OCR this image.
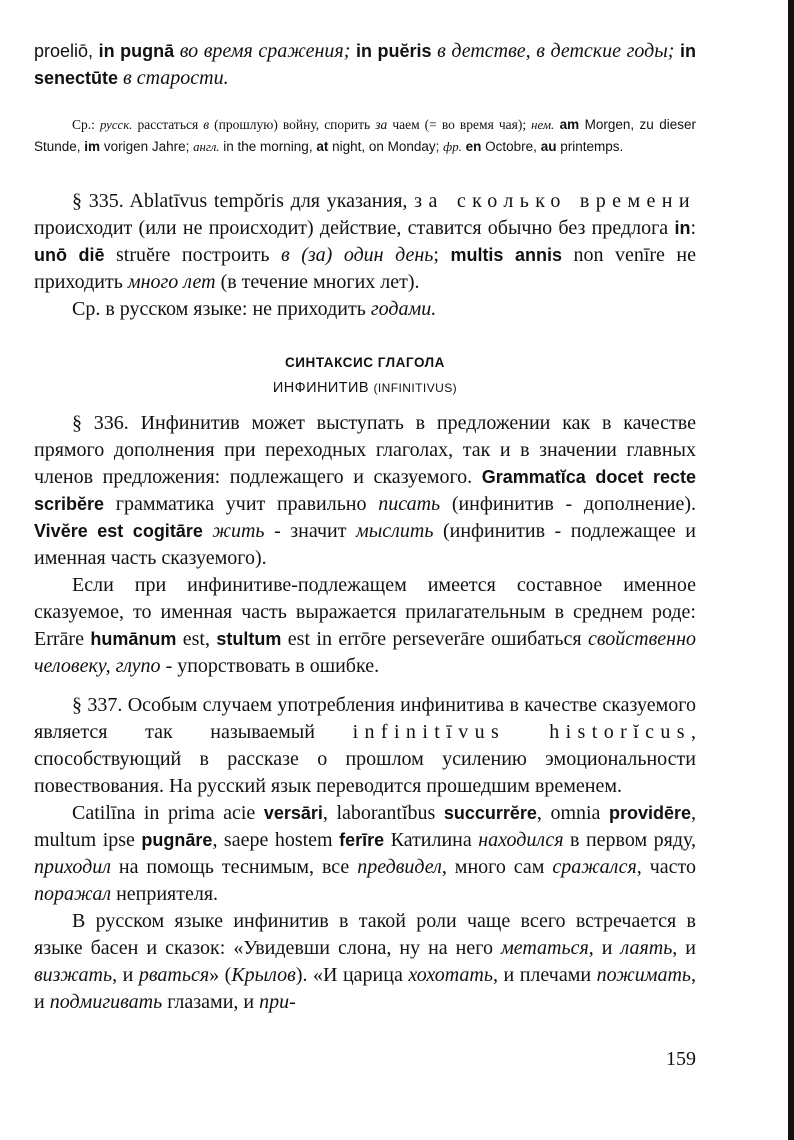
proeliō, in pugnā во время сражения; in puĕris в детстве, в детские годы; in senectūte в старости.

Ср.: русск. расстаться в (прошлую) войну, спорить за чаем (= во время чая); нем. am Morgen, zu dieser Stunde, im vorigen Jahre; англ. in the morning, at night, on Monday; фр. en Octobre, au printemps.

§ 335. Ablatīvus tempŏris для указания, за сколько времени происходит (или не происходит) действие, ставится обычно без предлога in: unō diē struĕre построить в (за) один день; multis annis non venīre не приходить много лет (в течение многих лет).

Ср. в русском языке: не приходить годами.

СИНТАКСИС ГЛАГОЛА
ИНФИНИТИВ (INFINITIVUS)

§ 336. Инфинитив может выступать в предложении как в качестве прямого дополнения при переходных глаголах, так и в значении главных членов предложения: подлежащего и сказуемого. Grammatĭca docet recte scribĕre грамматика учит правильно писать (инфинитив - дополнение). Vivĕre est cogitāre жить - значит мыслить (инфинитив - подлежащее и именная часть сказуемого).

Если при инфинитиве-подлежащем имеется составное именное сказуемое, то именная часть выражается прилагательным в среднем роде: Errāre humānum est, stultum est in errōre perseverāre ошибаться свойственно человеку, глупо - упорствовать в ошибке.

§ 337. Особым случаем употребления инфинитива в качестве сказуемого является так называемый infinitīvus historĭcus, способствующий в рассказе о прошлом усилению эмоциональности повествования. На русский язык переводится прошедшим временем.

Catilīna in prima acie versāri, laborantĭbus succurrĕre, omnia providēre, multum ipse pugnāre, saepe hostem ferīre Катилина находился в первом ряду, приходил на помощь теснимым, все предвидел, много сам сражался, часто поражал неприятеля.

В русском языке инфинитив в такой роли чаще всего встречается в языке басен и сказок: «Увидевши слона, ну на него метаться, и лаять, и визжать, и рваться» (Крылов). «И царица хохотать, и плечами пожимать, и подмигивать глазами, и при-

159
